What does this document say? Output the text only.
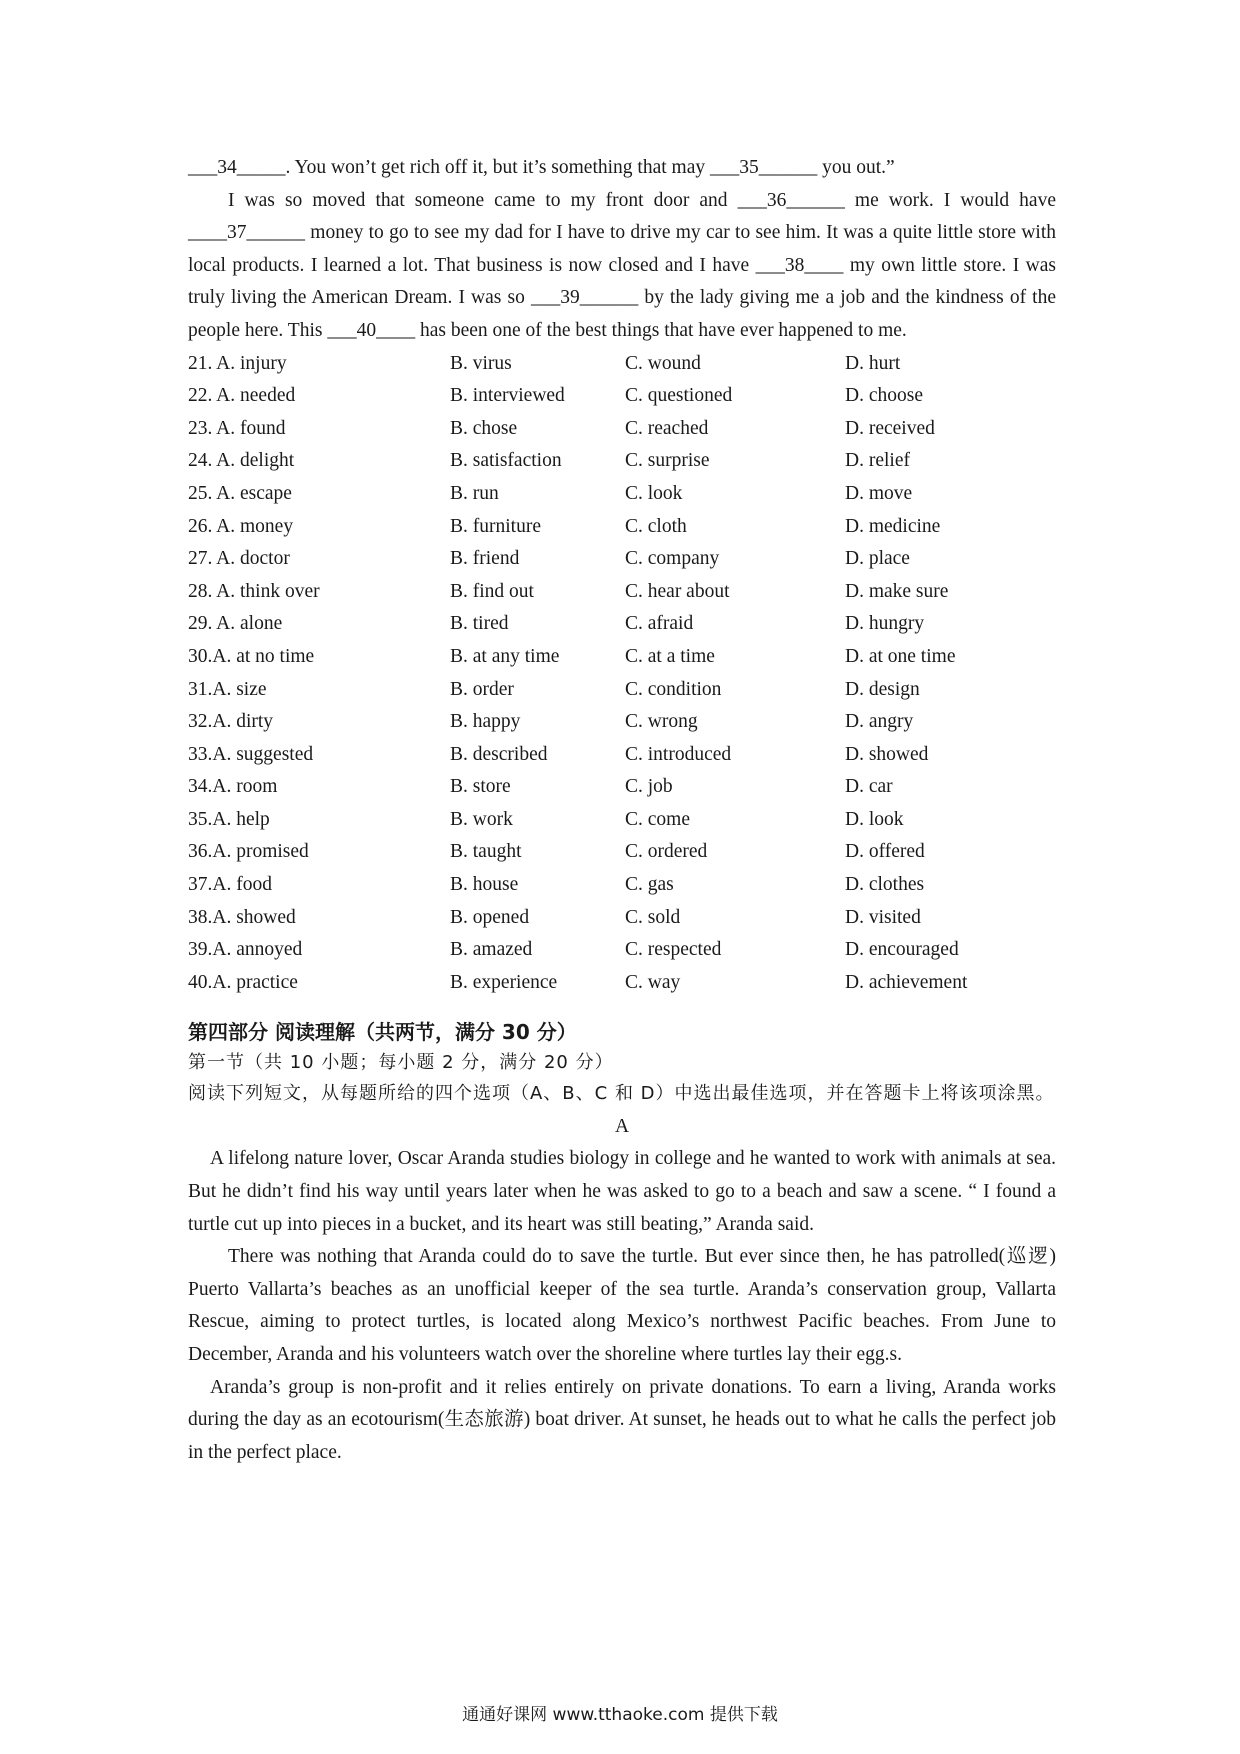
___34_____. You won’t get rich off it, but it’s something that may ___35______ you out.”

I was so moved that someone came to my front door and ___36______ me work. I would have ____37______ money to go to see my dad for I have to drive my car to see him. It was a quite little store with local products. I learned a lot. That business is now closed and I have ___38____ my own little store. I was truly living the American Dream. I was so ___39______ by the lady giving me a job and the kindness of the people here. This ___40____ has been one of the best things that have ever happened to me.

21. A. injury	B. virus	C. wound	D. hurt
22. A. needed	B. interviewed	C. questioned	D. choose
23. A. found	B. chose	C. reached	D. received
24. A. delight	B. satisfaction	C. surprise	D. relief
25. A. escape	B. run	C. look	D. move
26. A. money	B. furniture	C. cloth	D. medicine
27. A. doctor	B. friend	C. company	D. place
28. A. think over	B. find out	C. hear about	D. make sure
29. A. alone	B. tired	C. afraid	D. hungry
30.A. at no time	B. at any time	C. at a time	D. at one time
31.A. size	B. order	C. condition	D. design
32.A. dirty	B. happy	C. wrong	D. angry
33.A. suggested	B. described	C. introduced	D. showed
34.A. room	B. store	C. job	D. car
35.A. help	B. work	C. come	D. look
36.A. promised	B. taught	C. ordered	D. offered
37.A. food	B. house	C. gas	D. clothes
38.A. showed	B. opened	C. sold	D. visited
39.A. annoyed	B. amazed	C. respected	D. encouraged
40.A. practice	B. experience	C. way	D. achievement
第四部分 阅读理解（共两节，满分 30 分）
第一节（共 10 小题；每小题 2 分，满分 20 分）
阅读下列短文，从每题所给的四个选项（A、B、C 和 D）中选出最佳选项，并在答题卡上将该项涂黑。
A

A lifelong nature lover, Oscar Aranda studies biology in college and he wanted to work with animals at sea. But he didn’t find his way until years later when he was asked to go to a beach and saw a scene. “ I found a turtle cut up into pieces in a bucket, and its heart was still beating,” Aranda said.

There was nothing that Aranda could do to save the turtle. But ever since then, he has patrolled(巡逻) Puerto Vallarta’s beaches as an unofficial keeper of the sea turtle. Aranda’s conservation group, Vallarta Rescue, aiming to protect turtles, is located along Mexico’s northwest Pacific beaches. From June to December, Aranda and his volunteers watch over the shoreline where turtles lay their egg.s.

Aranda’s group is non-profit and it relies entirely on private donations. To earn a living, Aranda works during the day as an ecotourism(生态旅游) boat driver. At sunset, he heads out to what he calls the perfect job in the perfect place.

通通好课网 www.tthaoke.com 提供下载
